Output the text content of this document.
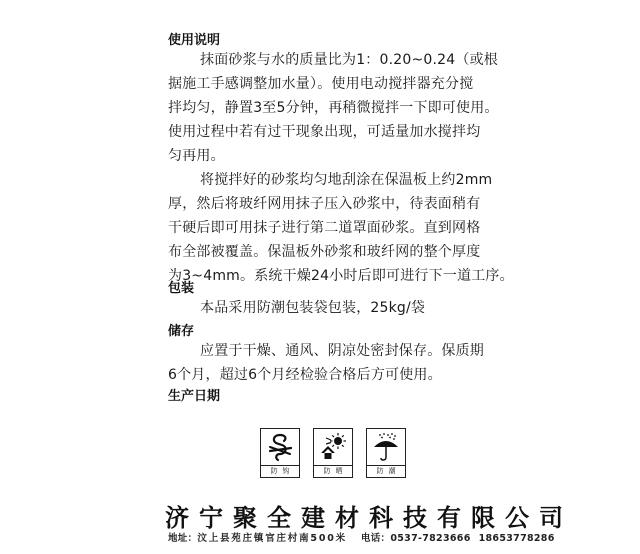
使用说明
抹面砂浆与水的质量比为1：0.20~0.24（或根
据施工手感调整加水量）。使用电动搅拌器充分搅
拌均匀，静置3至5分钟，再稍微搅拌一下即可使用。
使用过程中若有过干现象出现，可适量加水搅拌均
匀再用。
将搅拌好的砂浆均匀地刮涂在保温板上约2mm
厚，然后将玻纤网用抹子压入砂浆中，待表面稍有
干硬后即可用抹子进行第二道罩面砂浆。直到网格
布全部被覆盖。保温板外砂浆和玻纤网的整个厚度
为3~4mm。系统干燥24小时后即可进行下一道工序。
包装
本品采用防潮包装袋包装，25kg/袋
储存
应置于干燥、通风、阴凉处密封保存。保质期
6个月，超过6个月经检验合格后方可使用。
生产日期
防钩	防晒	防潮
济宁聚全建材科技有限公司
地址：汶上县苑庄镇官庄村南500米 电话：0537-7823666 18653778286
